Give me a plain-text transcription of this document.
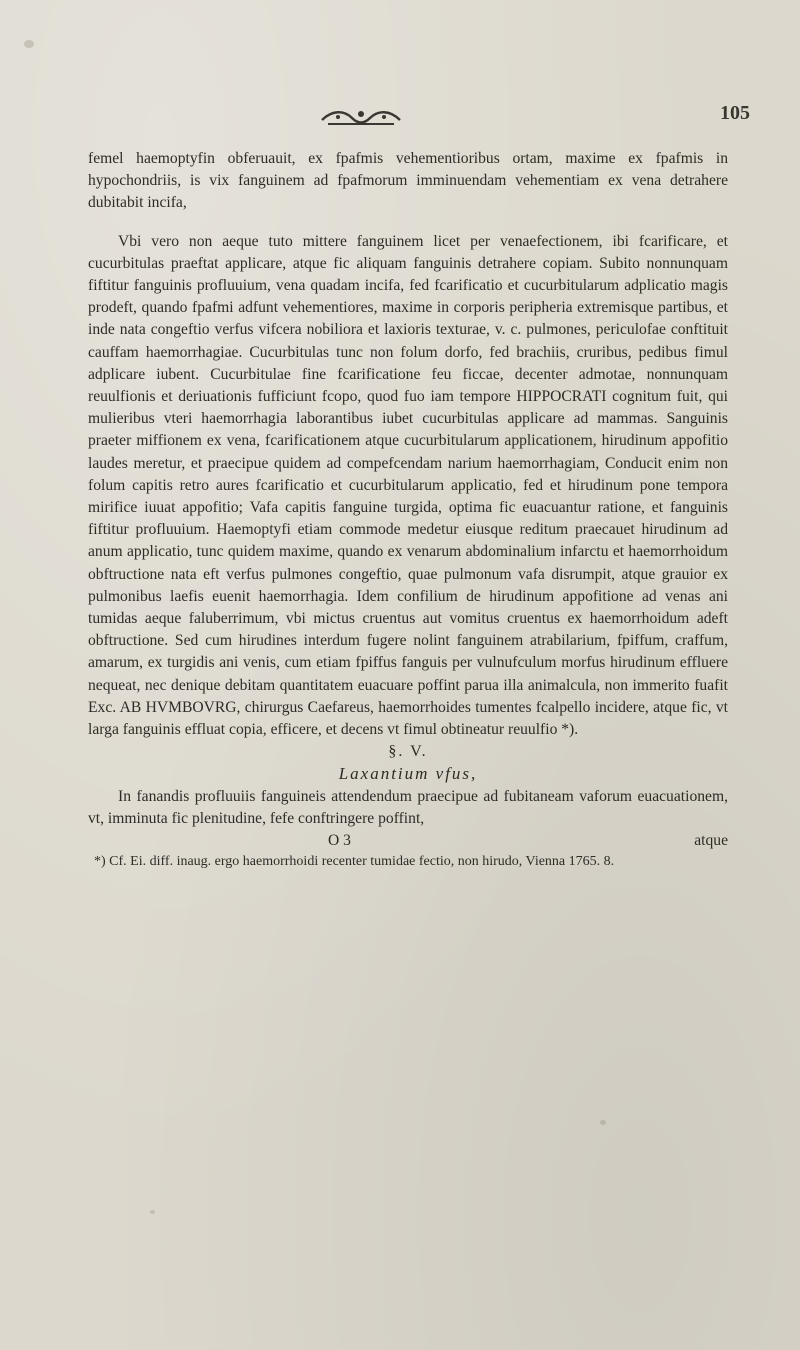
105

femel haemoptyfin obferuauit, ex fpafmis vehementioribus ortam, maxime ex fpafmis in hypochondriis, is vix fanguinem ad fpafmorum imminuendam vehementiam ex vena detrahere dubitabit incifa,

Vbi vero non aeque tuto mittere fanguinem licet per venaefectionem, ibi fcarificare, et cucurbitulas praeftat applicare, atque fic aliquam fanguinis detrahere copiam. Subito nonnunquam fiftitur fanguinis profluuium, vena quadam incifa, fed fcarificatio et cucurbitularum adplicatio magis prodeft, quando fpafmi adfunt vehementiores, maxime in corporis peripheria extremisque partibus, et inde nata congeftio verfus vifcera nobiliora et laxioris texturae, v. c. pulmones, periculofae conftituit cauffam haemorrhagiae. Cucurbitulas tunc non folum dorfo, fed brachiis, cruribus, pedibus fimul adplicare iubent. Cucurbitulae fine fcarificatione feu ficcae, decenter admotae, nonnunquam reuulfionis et deriuationis fufficiunt fcopo, quod fuo iam tempore HIPPOCRATI cognitum fuit, qui mulieribus vteri haemorrhagia laborantibus iubet cucurbitulas applicare ad mammas. Sanguinis praeter miffionem ex vena, fcarificationem atque cucurbitularum applicationem, hirudinum appofitio laudes meretur, et praecipue quidem ad compefcendam narium haemorrhagiam, Conducit enim non folum capitis retro aures fcarificatio et cucurbitularum applicatio, fed et hirudinum pone tempora mirifice iuuat appofitio; Vafa capitis fanguine turgida, optima fic euacuantur ratione, et fanguinis fiftitur profluuium. Haemoptyfi etiam commode medetur eiusque reditum praecauet hirudinum ad anum applicatio, tunc quidem maxime, quando ex venarum abdominalium infarctu et haemorrhoidum obftructione nata eft verfus pulmones congeftio, quae pulmonum vafa disrumpit, atque grauior ex pulmonibus laefis euenit haemorrhagia. Idem confilium de hirudinum appofitione ad venas ani tumidas aeque faluberrimum, vbi mictus cruentus aut vomitus cruentus ex haemorrhoidum adeft obftructione. Sed cum hirudines interdum fugere nolint fanguinem atrabilarium, fpiffum, craffum, amarum, ex turgidis ani venis, cum etiam fpiffus fanguis per vulnufculum morfus hirudinum effluere nequeat, nec denique debitam quantitatem euacuare poffint parua illa animalcula, non immerito fuafit Exc. AB HVMBOVRG, chirurgus Caefareus, haemorrhoides tumentes fcalpello incidere, atque fic, vt larga fanguinis effluat copia, efficere, et decens vt fimul obtineatur reuulfio *).

§. V.

Laxantium vfus,

In fanandis profluuiis fanguineis attendendum praecipue ad fubitaneam vaforum euacuationem, vt, imminuta fic plenitudine, fefe conftringere poffint,

O 3	atque

*) Cf. Ei. diff. inaug. ergo haemorrhoidi recenter tumidae fectio, non hirudo, Vienna 1765. 8.
